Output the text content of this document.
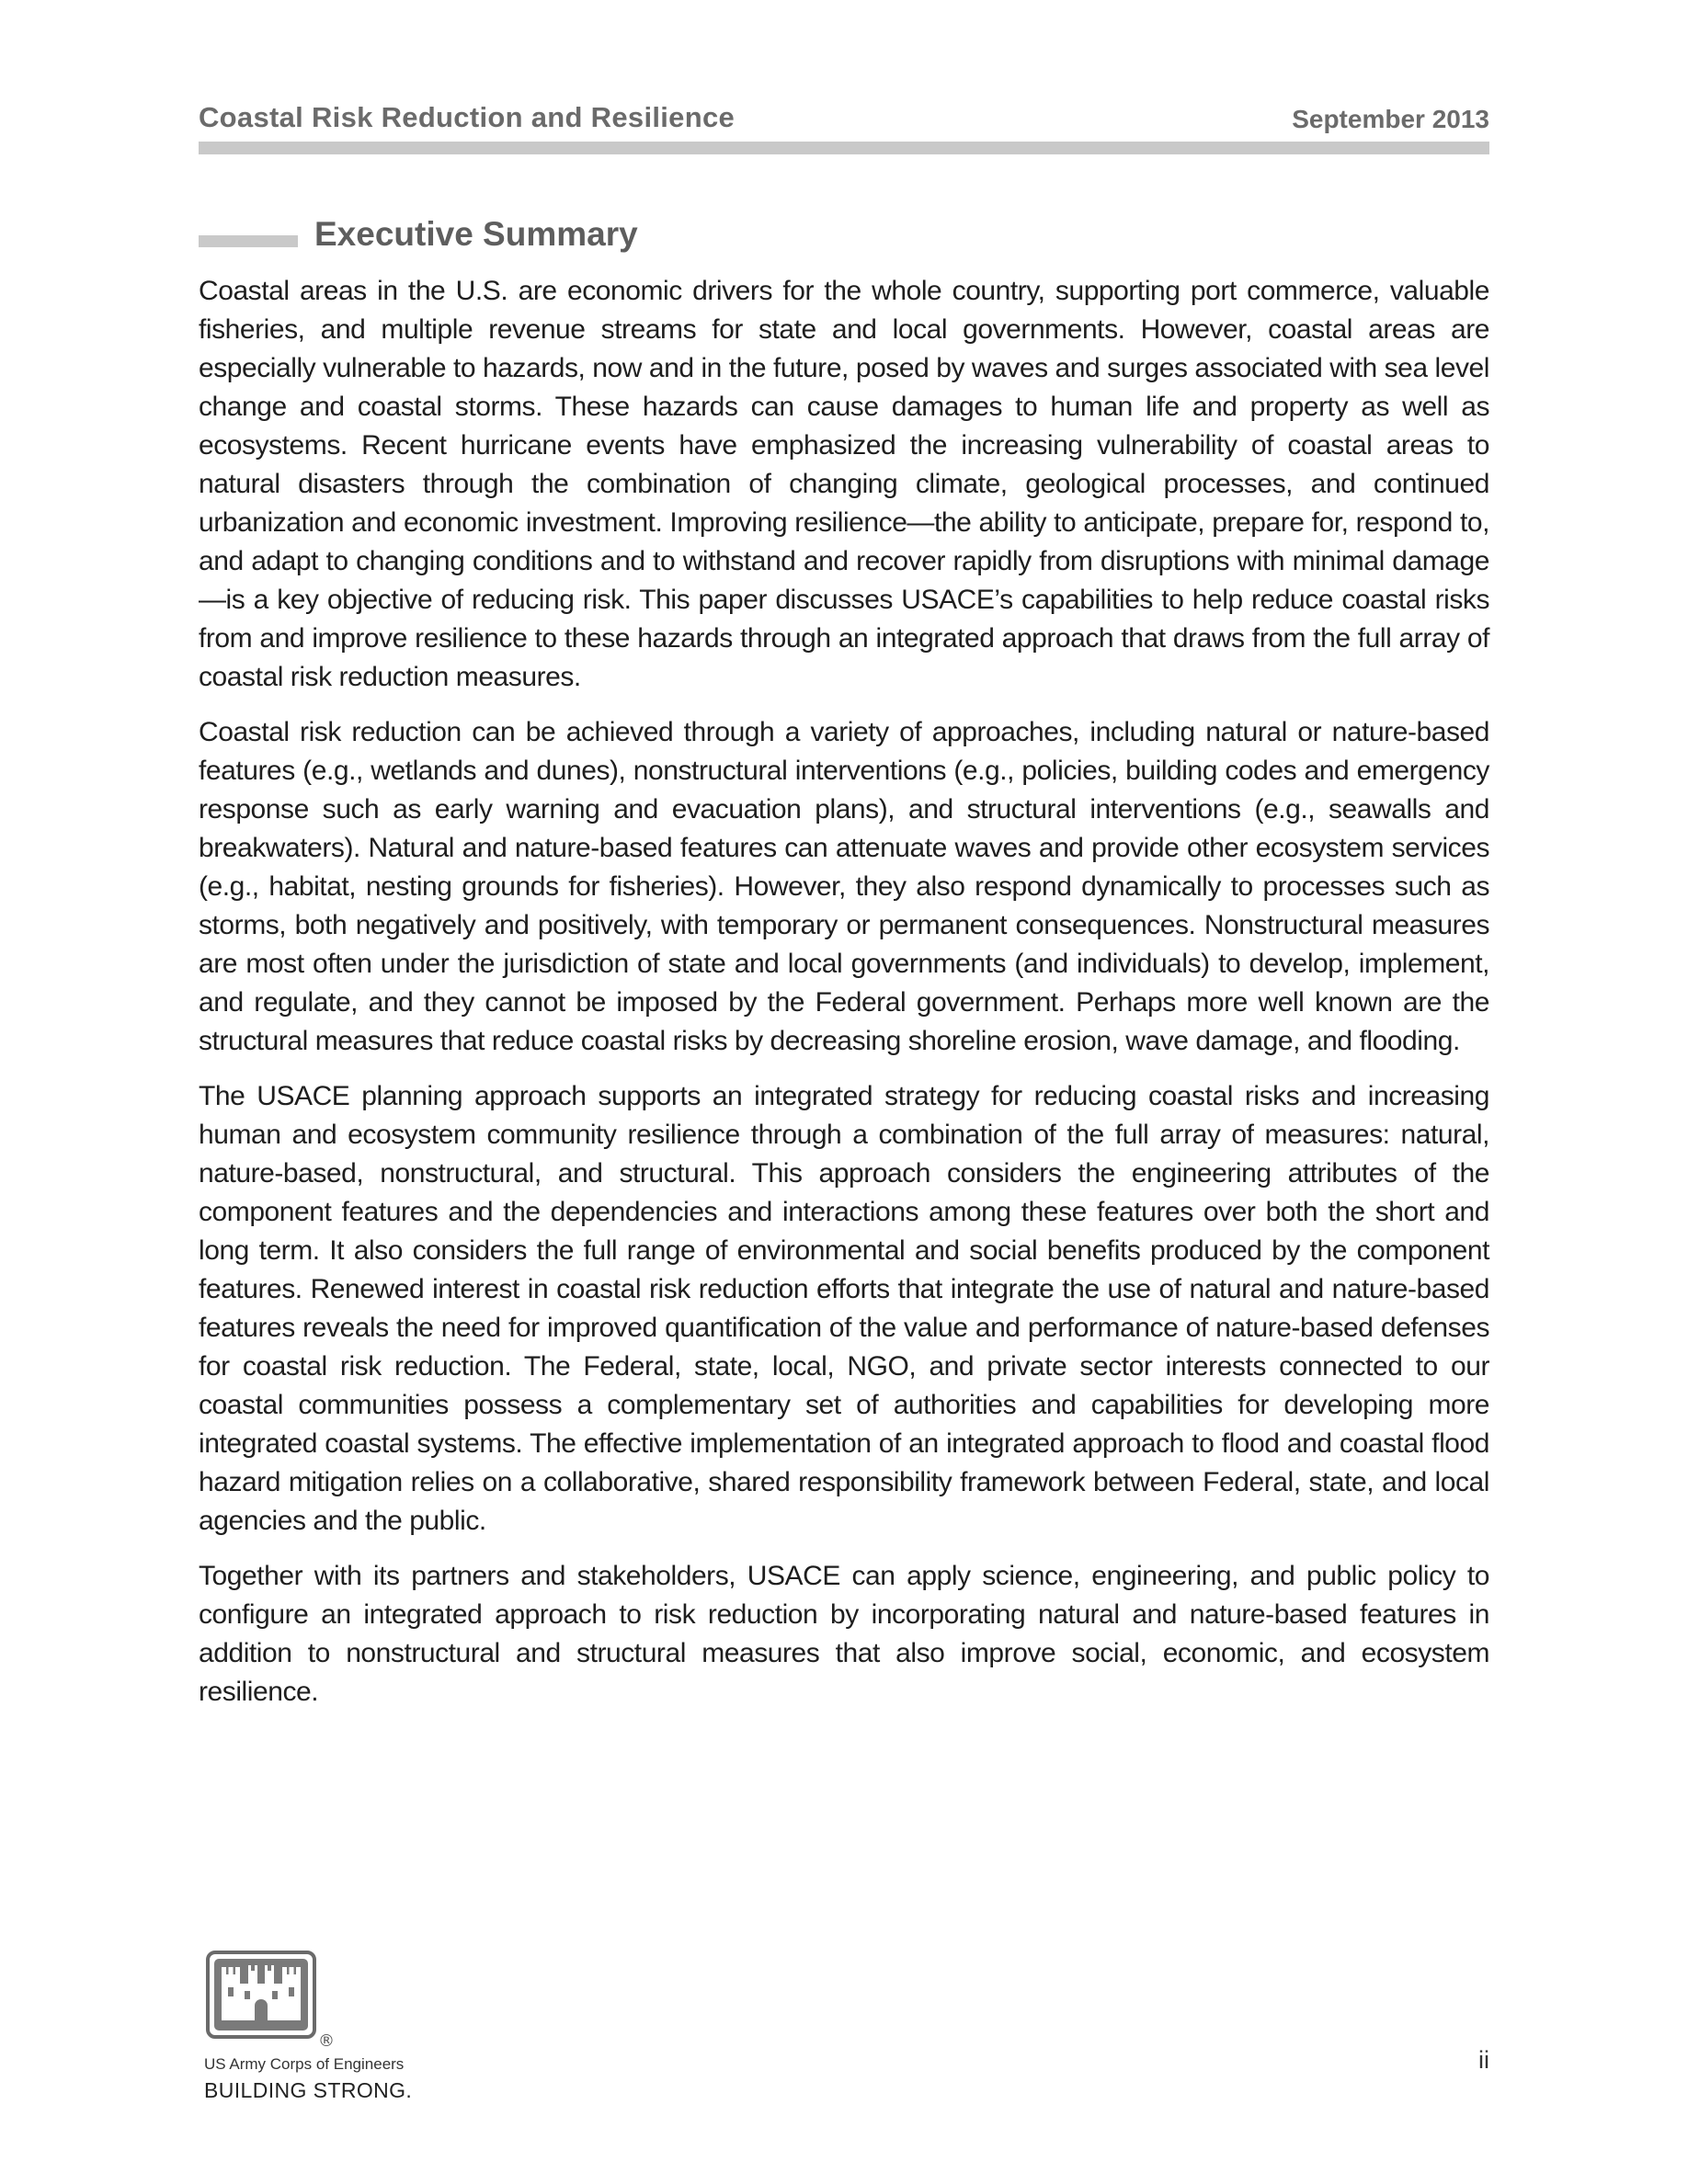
Coastal Risk Reduction and Resilience	September 2013
Executive Summary

Coastal areas in the U.S. are economic drivers for the whole country, supporting port commerce, valuable fisheries, and multiple revenue streams for state and local governments. However, coastal areas are especially vulnerable to hazards, now and in the future, posed by waves and surges associated with sea level change and coastal storms. These hazards can cause damages to human life and property as well as ecosystems. Recent hurricane events have emphasized the increasing vulnerability of coastal areas to natural disasters through the combination of changing climate, geological processes, and continued urbanization and economic investment. Improving resilience—the ability to anticipate, prepare for, respond to, and adapt to changing conditions and to withstand and recover rapidly from disruptions with minimal damage—is a key objective of reducing risk. This paper discusses USACE’s capabilities to help reduce coastal risks from and improve resilience to these hazards through an integrated approach that draws from the full array of coastal risk reduction measures.

Coastal risk reduction can be achieved through a variety of approaches, including natural or nature-based features (e.g., wetlands and dunes), nonstructural interventions (e.g., policies, building codes and emergency response such as early warning and evacuation plans), and structural interventions (e.g., seawalls and breakwaters). Natural and nature-based features can attenuate waves and provide other ecosystem services (e.g., habitat, nesting grounds for fisheries). However, they also respond dynamically to processes such as storms, both negatively and positively, with temporary or permanent consequences. Nonstructural measures are most often under the jurisdiction of state and local governments (and individuals) to develop, implement, and regulate, and they cannot be imposed by the Federal government. Perhaps more well known are the structural measures that reduce coastal risks by decreasing shoreline erosion, wave damage, and flooding.

The USACE planning approach supports an integrated strategy for reducing coastal risks and increasing human and ecosystem community resilience through a combination of the full array of measures: natural, nature-based, nonstructural, and structural. This approach considers the engineering attributes of the component features and the dependencies and interactions among these features over both the short and long term. It also considers the full range of environmental and social benefits produced by the component features. Renewed interest in coastal risk reduction efforts that integrate the use of natural and nature-based features reveals the need for improved quantification of the value and performance of nature-based defenses for coastal risk reduction. The Federal, state, local, NGO, and private sector interests connected to our coastal communities possess a complementary set of authorities and capabilities for developing more integrated coastal systems. The effective implementation of an integrated approach to flood and coastal flood hazard mitigation relies on a collaborative, shared responsibility framework between Federal, state, and local agencies and the public.

Together with its partners and stakeholders, USACE can apply science, engineering, and public policy to configure an integrated approach to risk reduction by incorporating natural and nature-based features in addition to nonstructural and structural measures that also improve social, economic, and ecosystem resilience.

®
US Army Corps of Engineers
BUILDING STRONG.
ii
